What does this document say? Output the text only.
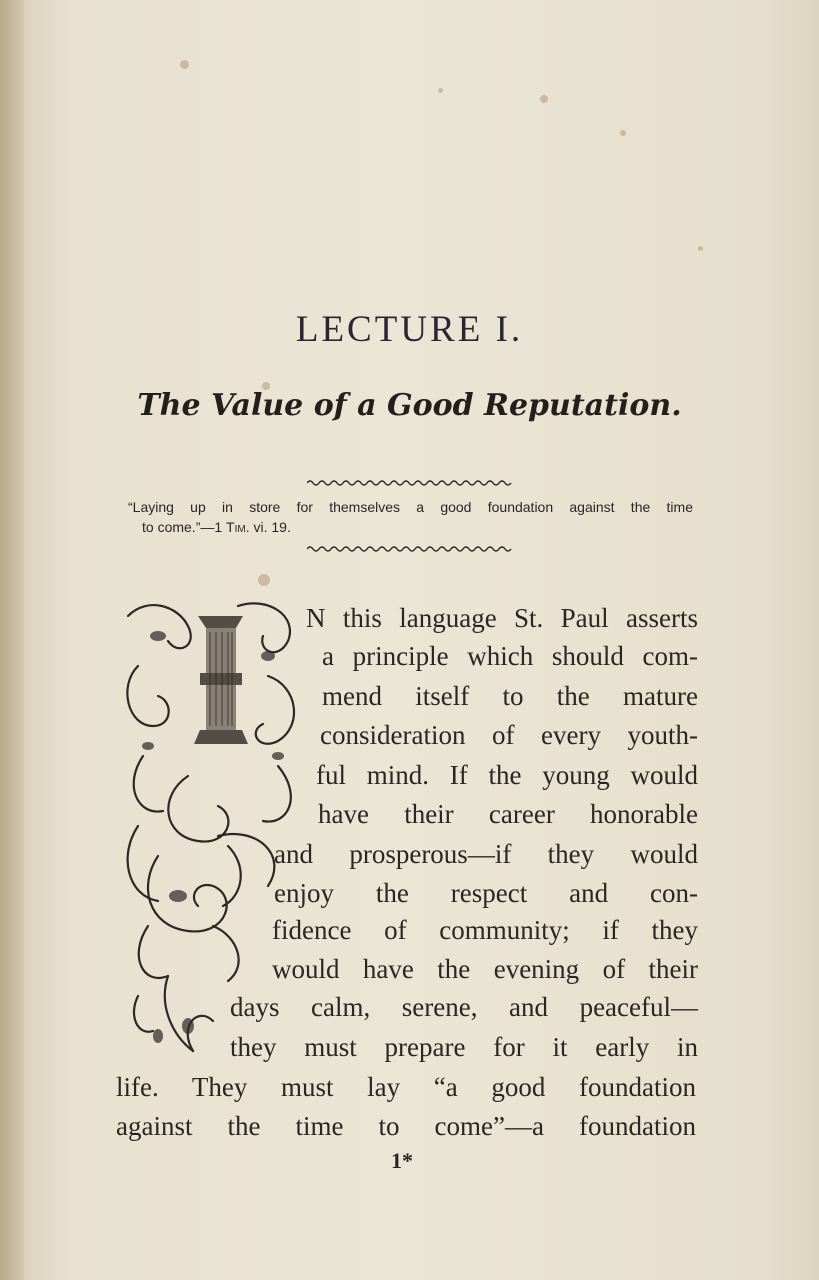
LECTURE I.
The Value of a Good Reputation.
“Laying up in store for themselves a good foundation against the time
to come.”—1 Tim. vi. 19.
N this language St. Paul asserts
a principle which should com-
mend itself to the mature
consideration of every youth-
ful mind. If the young would
have their career honorable
and prosperous—if they would
enjoy the respect and con-
fidence of community; if they
would have the evening of their
days calm, serene, and peaceful—
they must prepare for it early in
life. They must lay “a good foundation
against the time to come”—a foundation
1*
